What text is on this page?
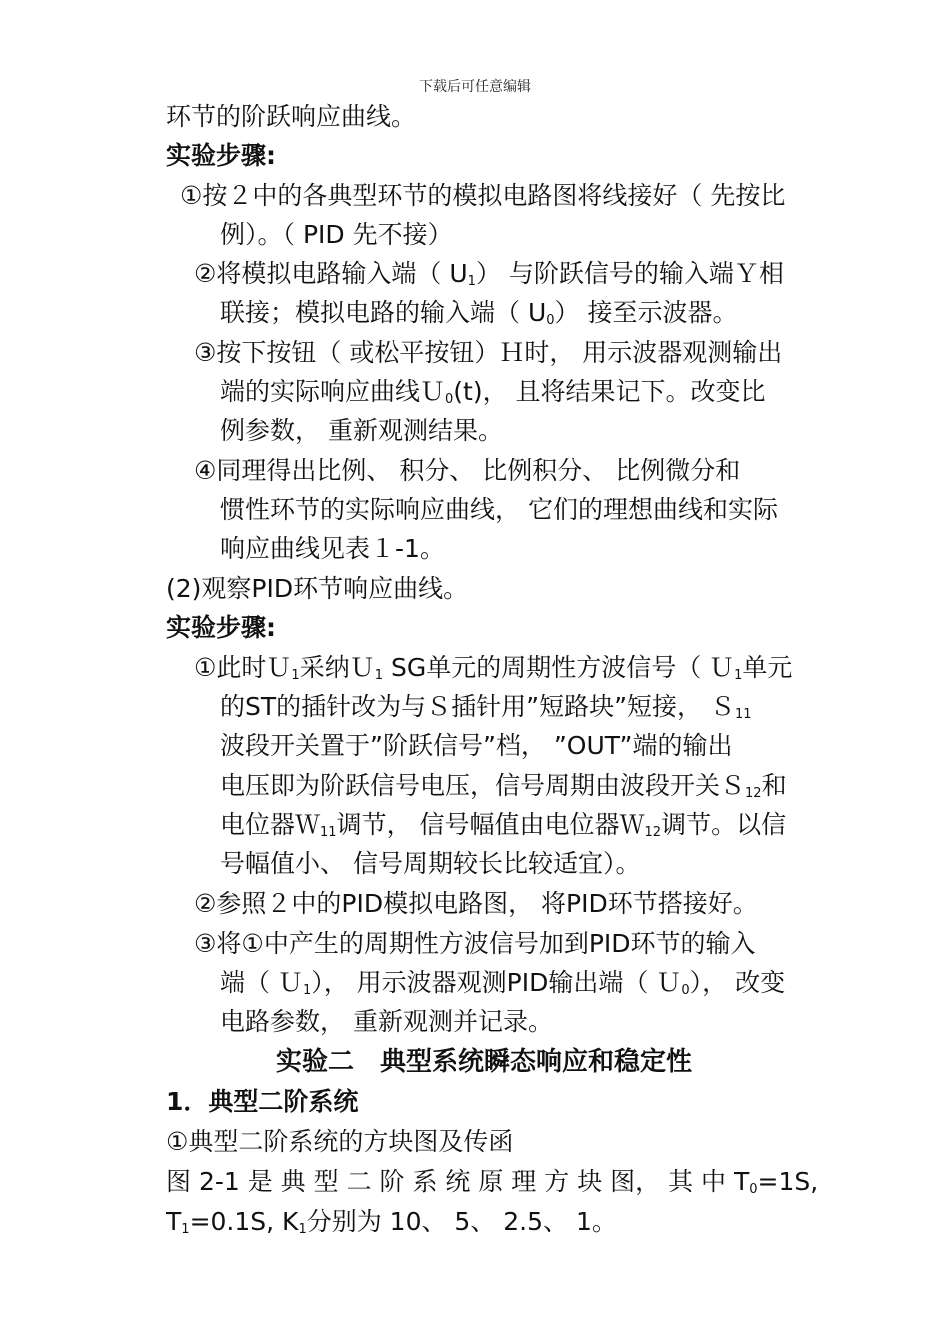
下载后可任意编辑
环节的阶跃响应曲线。
实验步骤:
①按２中的各典型环节的模拟电路图将线接好（ 先按比
例）。（ PID 先不接）
②将模拟电路输入端（ $U_1$） 与阶跃信号的输入端Ｙ相
联接；模拟电路的输入端（ $U_0$） 接至示波器。
③按下按钮（ 或松平按钮）Ｈ时， 用示波器观测输出
端的实际响应曲线Ｕ$_0$(t)， 且将结果记下。改变比
例参数， 重新观测结果。
④同理得出比例、 积分、 比例积分、 比例微分和
惯性环节的实际响应曲线， 它们的理想曲线和实际
响应曲线见表１-1。
(2)观察PID环节响应曲线。
实验步骤:
①此时Ｕ$_1$采纳Ｕ$_1$ SG单元的周期性方波信号（ Ｕ$_1$单元
的ST的插针改为与Ｓ插针用”短路块”短接， Ｓ$_{11}$
波段开关置于”阶跃信号”档， ”OUT”端的输出
电压即为阶跃信号电压，信号周期由波段开关Ｓ$_{12}$和
电位器Ｗ$_{11}$调节， 信号幅值由电位器Ｗ$_{12}$调节。以信
号幅值小、 信号周期较长比较适宜）。
②参照２中的PID模拟电路图， 将PID环节搭接好。
③将①中产生的周期性方波信号加到PID环节的输入
端（ Ｕ$_1$）， 用示波器观测PID输出端（ Ｕ$_0$）， 改变
电路参数， 重新观测并记录。
实验二　典型系统瞬态响应和稳定性
1．典型二阶系统
①典型二阶系统的方块图及传函
图 2-1 是 典 型 二 阶 系 统 原 理 方 块 图， 其 中 $T_0=1S$,
$T_1=0.1S$, $K_1$分别为 10、 5、 2.5、 1。
